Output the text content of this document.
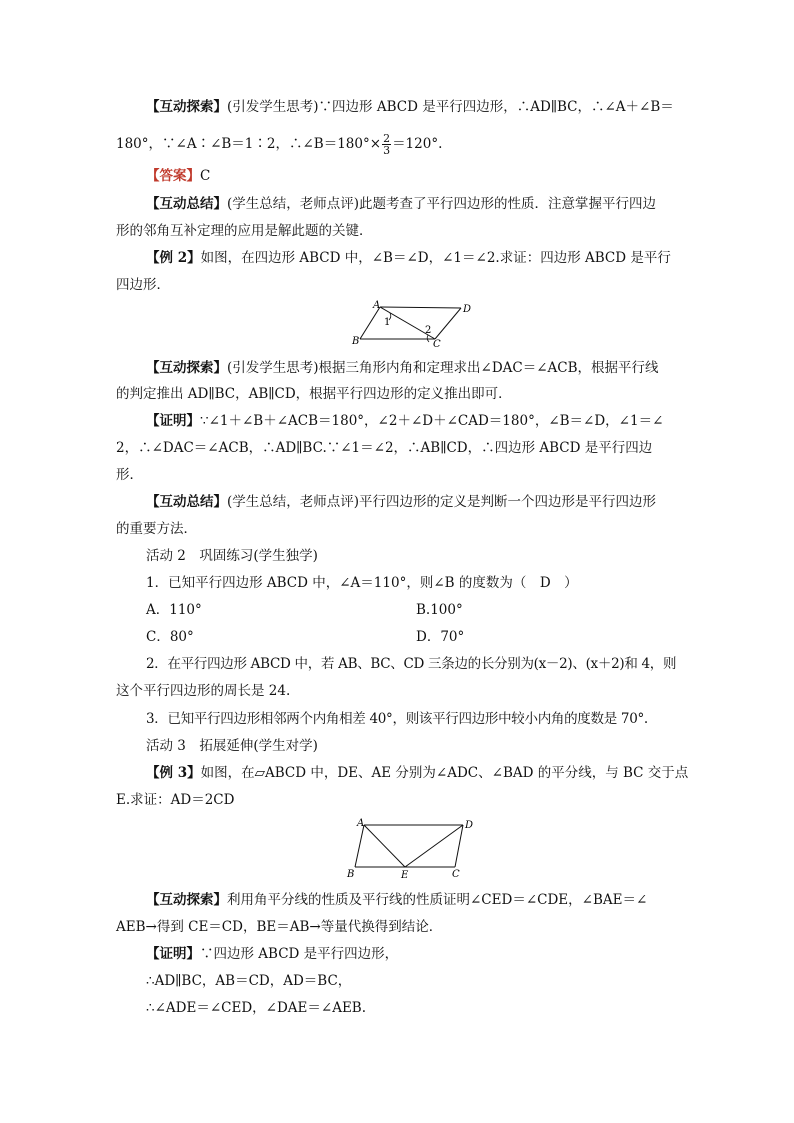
【互动探索】(引发学生思考)∵四边形 ABCD 是平行四边形，∴AD∥BC，∴∠A＋∠B＝
180°，∵∠A∶∠B＝1∶2，∴∠B＝180°× $\frac{2}{3} =120^\circ$.
【答案】C
【互动总结】(学生总结，老师点评)此题考查了平行四边形的性质．注意掌握平行四边
形的邻角互补定理的应用是解此题的关键．
【例 2】如图，在四边形 ABCD 中，∠B＝∠D，∠1＝∠2.求证：四边形 ABCD 是平行
四边形．
A
B	C
D
1
2
【互动探索】(引发学生思考)根据三角形内角和定理求出∠DAC＝∠ACB，根据平行线
的判定推出 AD∥BC，AB∥CD，根据平行四边形的定义推出即可．
【证明】∵∠1＋∠B＋∠ACB＝180°，∠2＋∠D＋∠CAD＝180°，∠B＝∠D，∠1＝∠
2，∴∠DAC＝∠ACB，∴AD∥BC.∵∠1＝∠2，∴AB∥CD，∴四边形 ABCD 是平行四边
形．
【互动总结】(学生总结，老师点评)平行四边形的定义是判断一个四边形是平行四边形
的重要方法．
活动 2　巩固练习(学生独学)
1．已知平行四边形 ABCD 中，∠A＝110°，则∠B 的度数为（　D　）
A．110°	B.100°
C．80°	D．70°
2．在平行四边形 ABCD 中，若 AB、BC、CD 三条边的长分别为(x－2)、(x＋2)和 4，则
这个平行四边形的周长是 24.
3．已知平行四边形相邻两个内角相差 40°，则该平行四边形中较小内角的度数是 70°.
活动 3　拓展延伸(学生对学)
【例 3】如图，在▱ABCD 中，DE、AE 分别为∠ADC、∠BAD 的平分线，与 BC 交于点
E.求证：AD＝2CD
A
B	C
D
E
【互动探索】利用角平分线的性质及平行线的性质证明∠CED＝∠CDE，∠BAE＝∠
AEB→得到 CE＝CD，BE＝AB→等量代换得到结论．
【证明】∵四边形 ABCD 是平行四边形，
∴AD∥BC，AB＝CD，AD＝BC，
∴∠ADE＝∠CED，∠DAE＝∠AEB.
